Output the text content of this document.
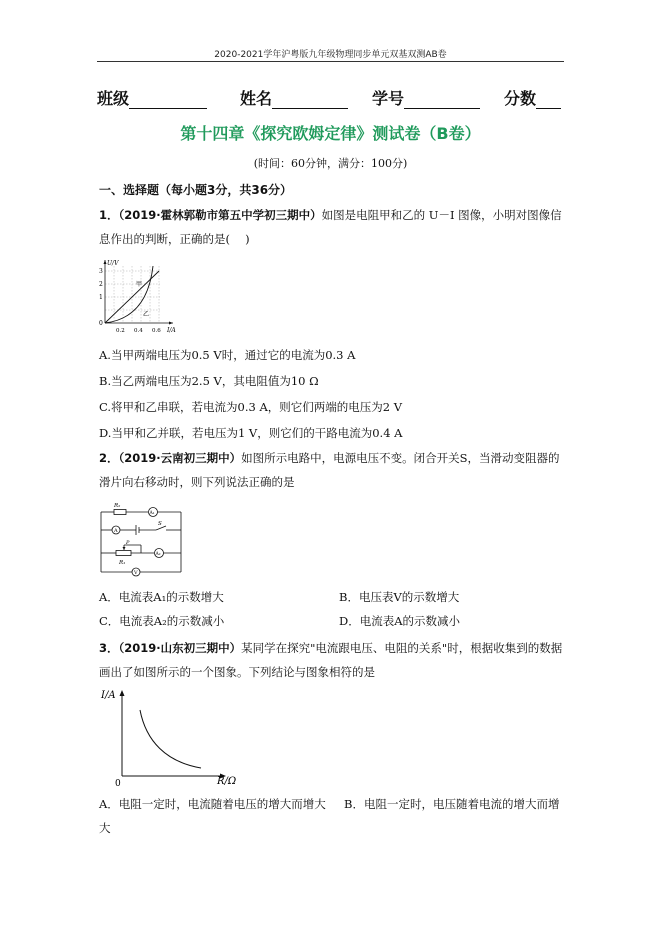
2020-2021学年沪粤版九年级物理同步单元双基双测AB卷
班级	姓名	学号	分数
第十四章《探究欧姆定律》测试卷（B卷）
(时间：60分钟，满分：100分)
一、选择题（每小题3分，共36分）
1．（2019·霍林郭勒市第五中学初三期中）如图是电阻甲和乙的 U－I 图像，小明对图像信息作出的判断，正确的是(　 )
U/V
I/A
3
2
1
0
0.2 0.4 0.6
甲
乙
A.当甲两端电压为0.5 V时，通过它的电流为0.3 A
B.当乙两端电压为2.5 V，其电阻值为10 Ω
C.将甲和乙串联，若电流为0.3 A，则它们两端的电压为2 V
D.当甲和乙并联，若电压为1 V，则它们的干路电流为0.4 A
2．（2019·云南初三期中）如图所示电路中，电源电压不变。闭合开关S，当滑动变阻器的滑片向右移动时，则下列说法正确的是
R₂
A₁
A
S
P
A₂
R₁
V
A．电流表A₁的示数增大	B．电压表V的示数增大
C．电流表A₂的示数减小	D．电流表A的示数减小
3．（2019·山东初三期中）某同学在探究"电流跟电压、电阻的关系"时，根据收集到的数据画出了如图所示的一个图象。下列结论与图象相符的是
I/A
R/Ω
0
A．电阻一定时，电流随着电压的增大而增大 B．电阻一定时，电压随着电流的增大而增
大
